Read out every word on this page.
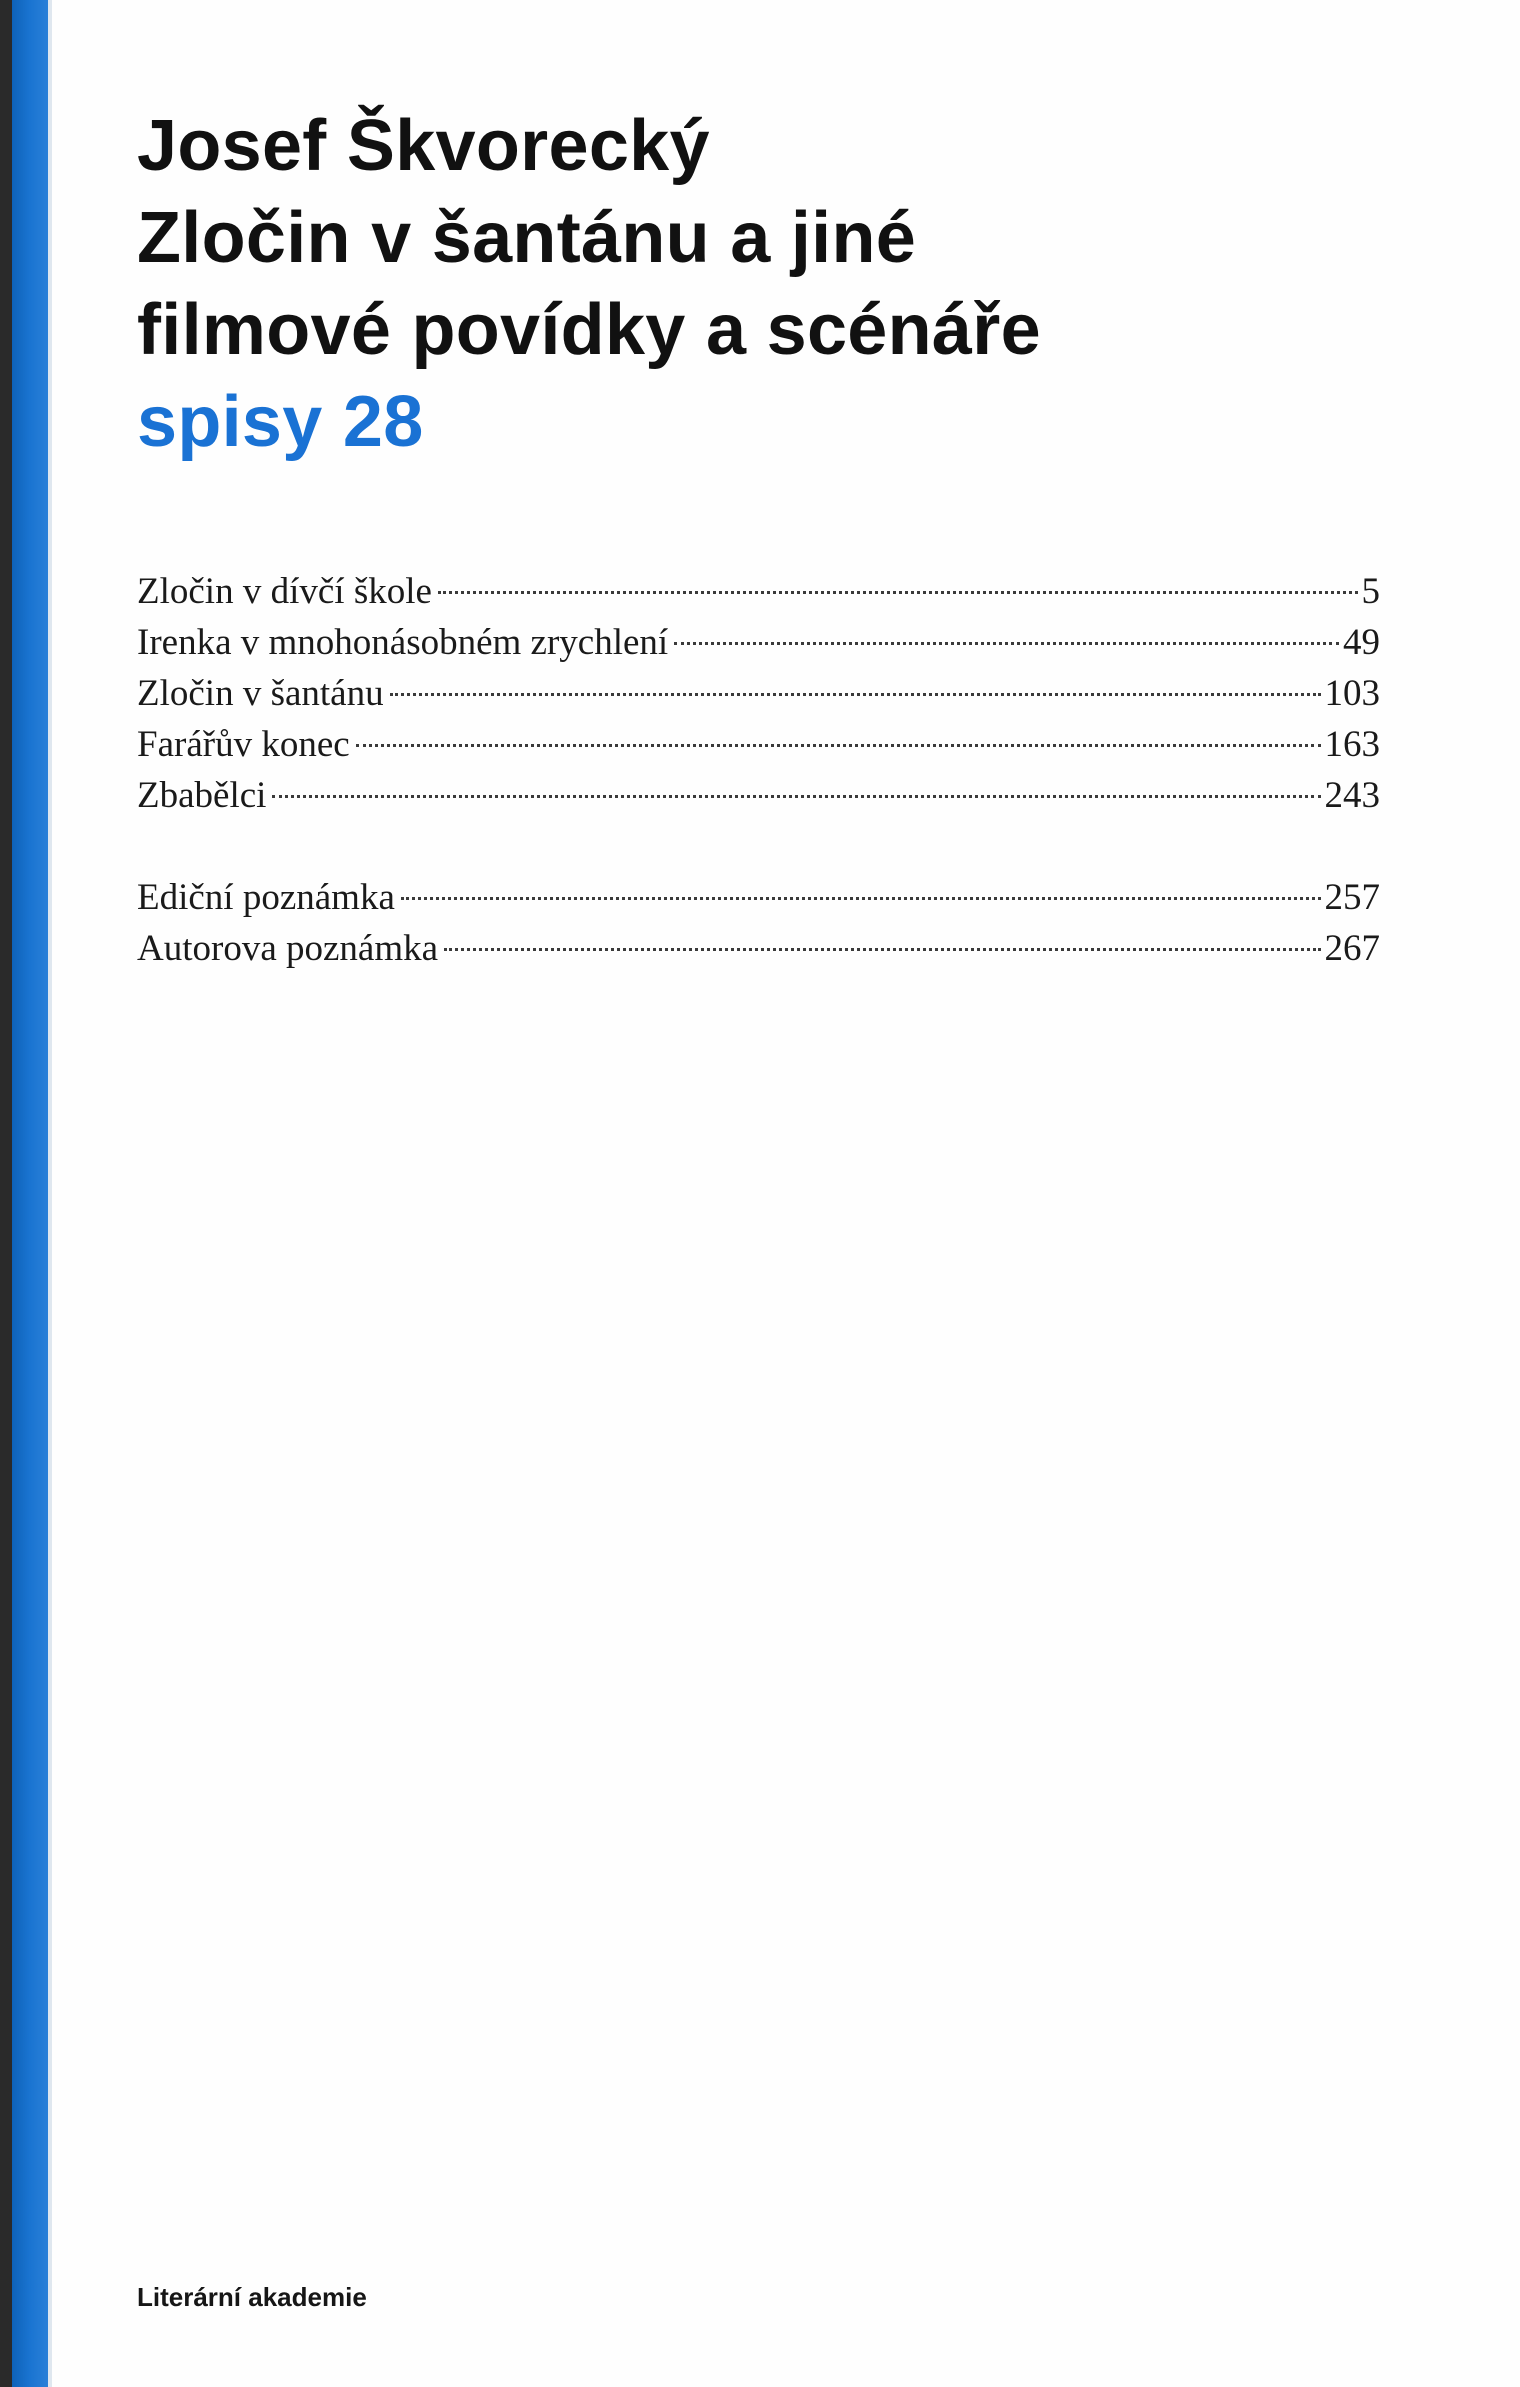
Josef Škvorecký
Zločin v šantánu a jiné
filmové povídky a scénáře
spisy 28
Zločin v dívčí škole	5
Irenka v mnohonásobném zrychlení	49
Zločin v šantánu	103
Farářův konec	163
Zbabělci	243
Ediční poznámka	257
Autorova poznámka	267
Literární akademie
